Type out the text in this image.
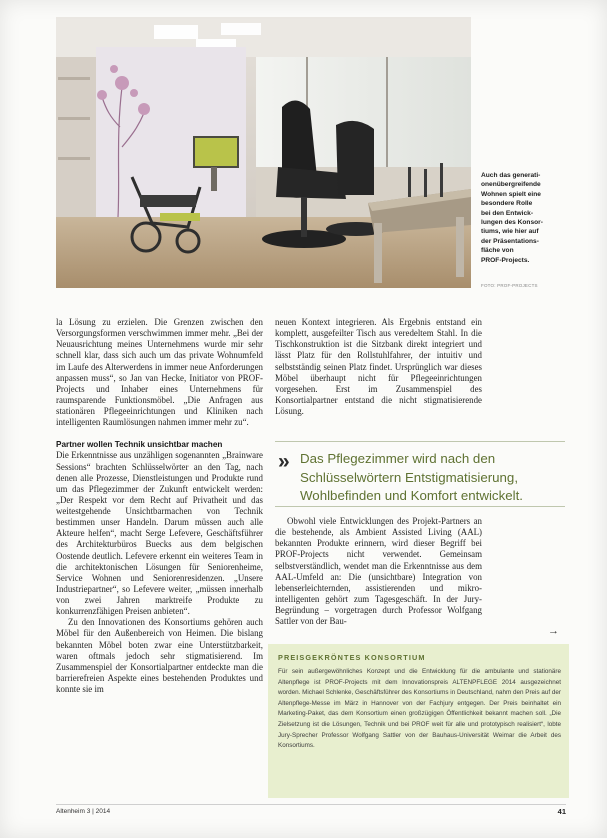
Auch das generati-
onenübergreifende
Wohnen spielt eine
besondere Rolle
bei den Entwick-
lungen des Konsor-
tiums, wie hier auf
der Präsentations-
fläche von
PROF-Projects.
FOTO: PROF-PROJECTS

la Lösung zu erzielen. Die Grenzen zwischen den Versorgungsformen verschwimmen immer mehr. „Bei der Neuausrichtung meines Unternehmens wurde mir sehr schnell klar, dass sich auch um das private Wohnumfeld im Laufe des Alterwerdens in immer neue Anforderungen anpassen muss“, so Jan van Hecke, Initiator von PROF-Projects und Inhaber eines Unternehmens für raumsparende Funktionsmöbel. „Die Anfragen aus stationären Pflegeeinrichtungen und Kliniken nach intelligenten Raumlösungen nahmen immer mehr zu“.

Partner wollen Technik unsichtbar machen

Die Erkenntnisse aus unzähligen sogenannten „Brainware Sessions“ brachten Schlüsselwörter an den Tag, nach denen alle Prozesse, Dienstleistungen und Produkte rund um das Pflegezimmer der Zukunft entwickelt werden: „Der Respekt vor dem Recht auf Privatheit und das weitestgehende Unsichtbarmachen von Technik bestimmen unser Handeln. Darum müssen auch alle Akteure helfen“, macht Serge Lefevere, Geschäftsführer des Architekturbüros Buecks aus dem belgischen Oostende deutlich. Lefevere erkennt ein weiteres Team in die architektonischen Lösungen für Seniorenheime, Service Wohnen und Seniorenresidenzen. „Unsere Industriepartner“, so Lefevere weiter, „müssen innerhalb von zwei Jahren marktreife Produkte zu konkurrenzfähigen Preisen anbieten“.

Zu den Innovationen des Konsortiums gehören auch Möbel für den Außenbereich von Heimen. Die bislang bekannten Möbel boten zwar eine Unterstützbarkeit, waren oftmals jedoch sehr stigmatisierend. Im Zusammenspiel der Konsortialpartner entdeckte man die barrierefreien Aspekte eines bestehenden Produktes und konnte sie im

neuen Kontext integrieren. Als Ergebnis entstand ein komplett, ausgefeilter Tisch aus veredeltem Stahl. In die Tischkonstruktion ist die Sitzbank direkt integriert und lässt Platz für den Rollstuhlfahrer, der intuitiv und selbstständig seinen Platz findet. Ursprünglich war dieses Möbel überhaupt nicht für Pflegeeinrichtungen vorgesehen. Erst im Zusammenspiel des Konsortialpartner entstand die nicht stigmatisierende Lösung.

» Das Pflegezimmer wird nach den Schlüsselwörtern Entstigmatisierung, Wohlbefinden und Komfort entwickelt.

Obwohl viele Entwicklungen des Projekt-Partners an die bestehende, als Ambient Assisted Living (AAL) bekannten Produkte erinnern, wird dieser Begriff bei PROF-Projects nicht verwendet. Gemeinsam selbstverständlich, wendet man die Erkenntnisse aus dem AAL-Umfeld an: Die (unsichtbare) Integration von lebenserleichternden, assistierenden und mikro-intelligenten gehört zum Tagesgeschäft. In der Jury-Begründung – vorgetragen durch Professor Wolfgang Sattler von der Bau-

→
PREISGEKRÖNTES KONSORTIUM
Für sein außergewöhnliches Konzept und die Entwicklung für die ambulante und stationäre Altenpflege ist PROF-Projects mit dem Innovationspreis ALTENPFLEGE 2014 ausgezeichnet worden. Michael Schlenke, Geschäftsführer des Konsortiums in Deutschland, nahm den Preis auf der Altenpflege-Messe im März in Hannover von der Fachjury entgegen. Der Preis beinhaltet ein Marketing-Paket, das dem Konsortium einen großzügigen Öffentlichkeit bekannt machen soll. „Die Zielsetzung ist die Lösungen, Technik und bei PROF weit für alle und prototypisch realisiert“, lobte Jury-Sprecher Professor Wolfgang Sattler von der Bauhaus-Universität Weimar die Arbeit des Konsortiums.
Altenheim 3 | 2014	41
